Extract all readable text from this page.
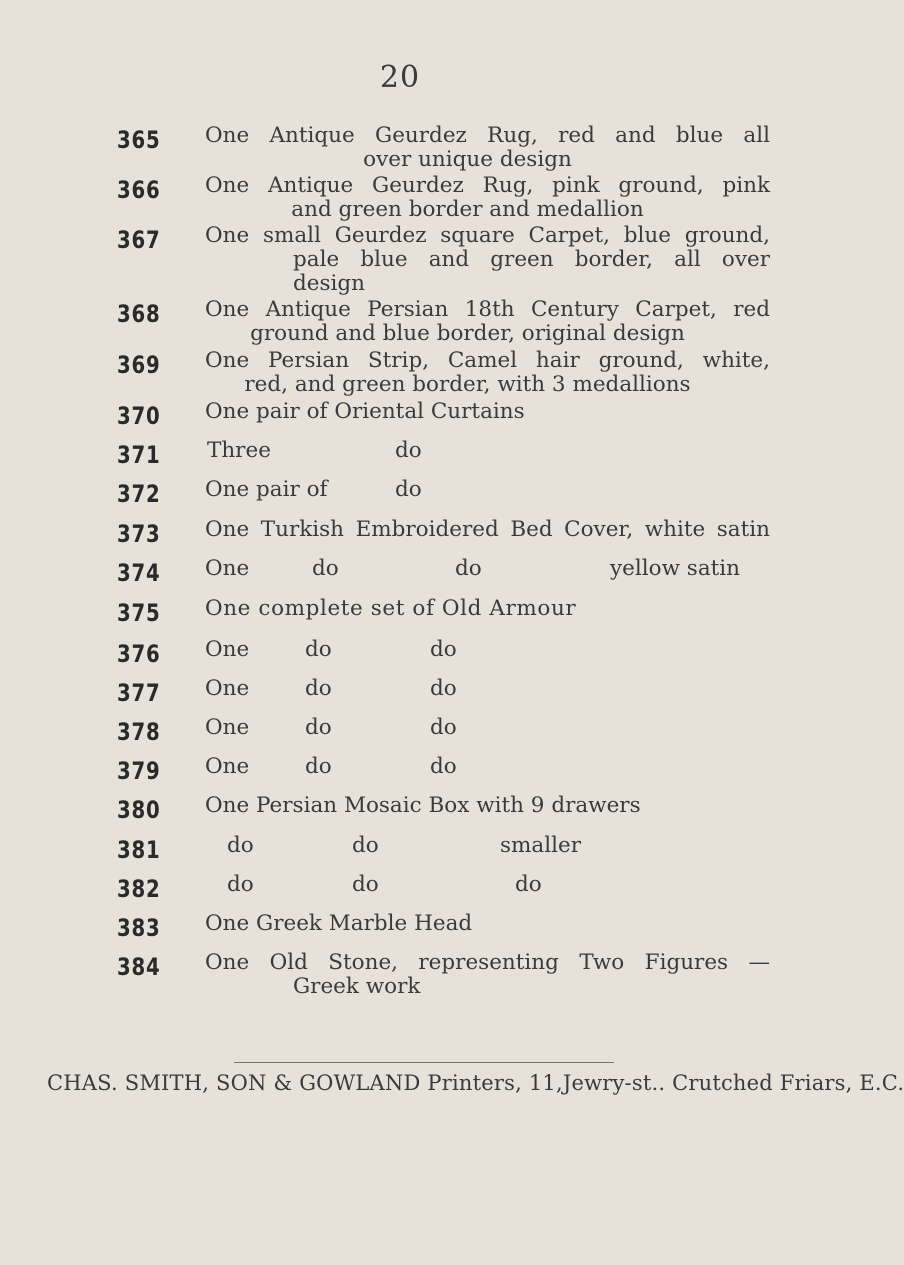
20
365 One Antique Geurdez Rug, red and blue all
over unique design
366 One Antique Geurdez Rug, pink ground, pink
and green border and medallion
367 One small Geurdez square Carpet, blue ground,
pale blue and green border, all over
design
368 One Antique Persian 18th Century Carpet, red
ground and blue border, original design
369 One Persian Strip, Camel hair ground, white,
red, and green border, with 3 medallions
370 One pair of Oriental Curtains
371 Three	do
372 One pair of	do
373 One Turkish Embroidered Bed Cover, white satin
374 One	do	do	yellow satin
375 One complete set of Old Armour
376 One	do	do
377 One	do	do
378 One	do	do
379 One	do	do
380 One Persian Mosaic Box with 9 drawers
381	do	do	smaller
382	do	do	do
383 One Greek Marble Head
384 One Old Stone, representing Two Figures —
Greek work
CHAS. SMITH, SON & GOWLAND Printers, 11,Jewry-st.. Crutched Friars, E.C.
